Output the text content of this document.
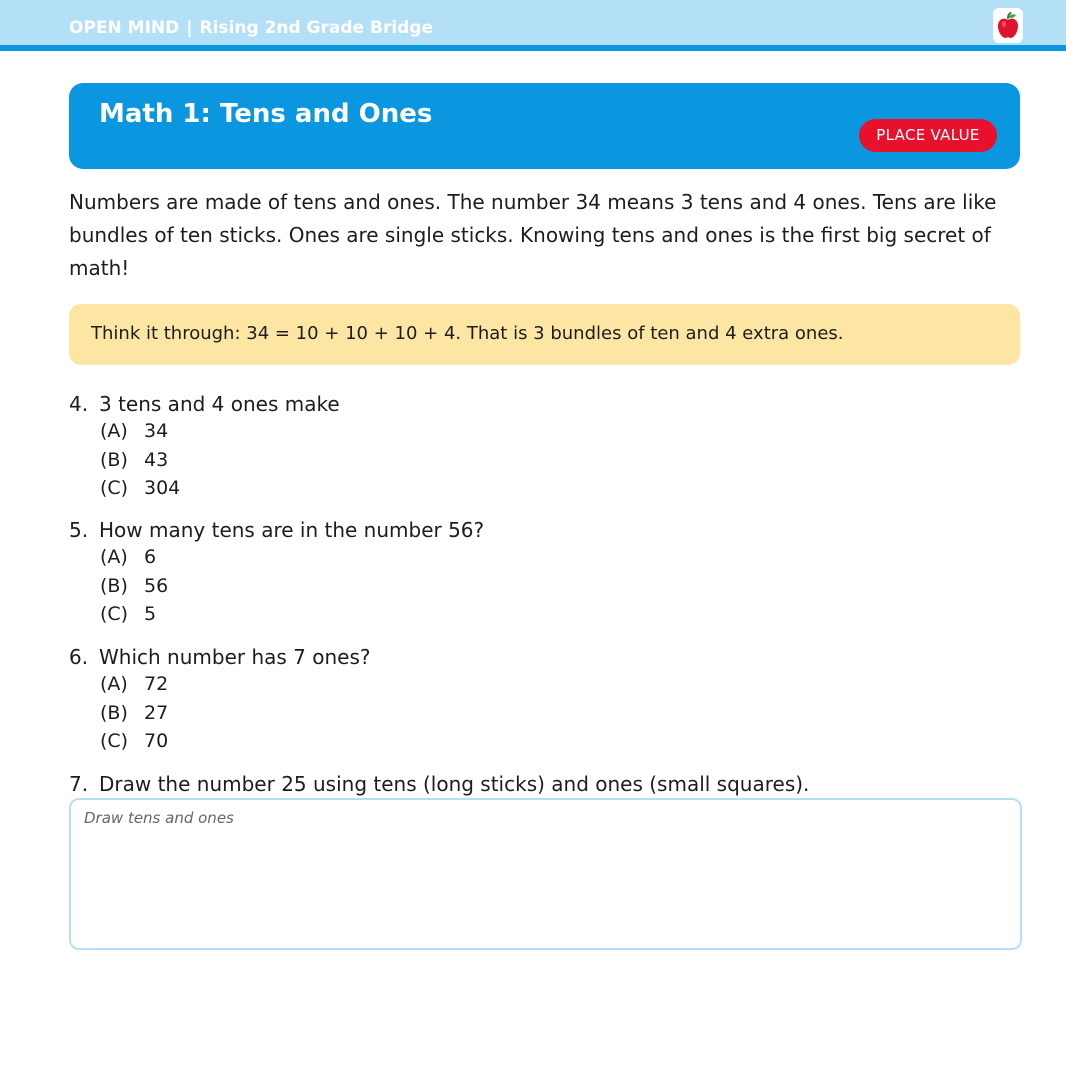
OPEN MIND | Rising 2nd Grade Bridge
Math 1: Tens and Ones
PLACE VALUE

Numbers are made of tens and ones. The number 34 means 3 tens and 4 ones. Tens are like bundles of ten sticks. Ones are single sticks. Knowing tens and ones is the first big secret of math!

Think it through: 34 = 10 + 10 + 10 + 4. That is 3 bundles of ten and 4 extra ones.

4. 3 tens and 4 ones make
(A) 34
(B) 43
(C) 304
5. How many tens are in the number 56?
(A) 6
(B) 56
(C) 5
6. Which number has 7 ones?
(A) 72
(B) 27
(C) 70
7. Draw the number 25 using tens (long sticks) and ones (small squares).
Draw tens and ones
